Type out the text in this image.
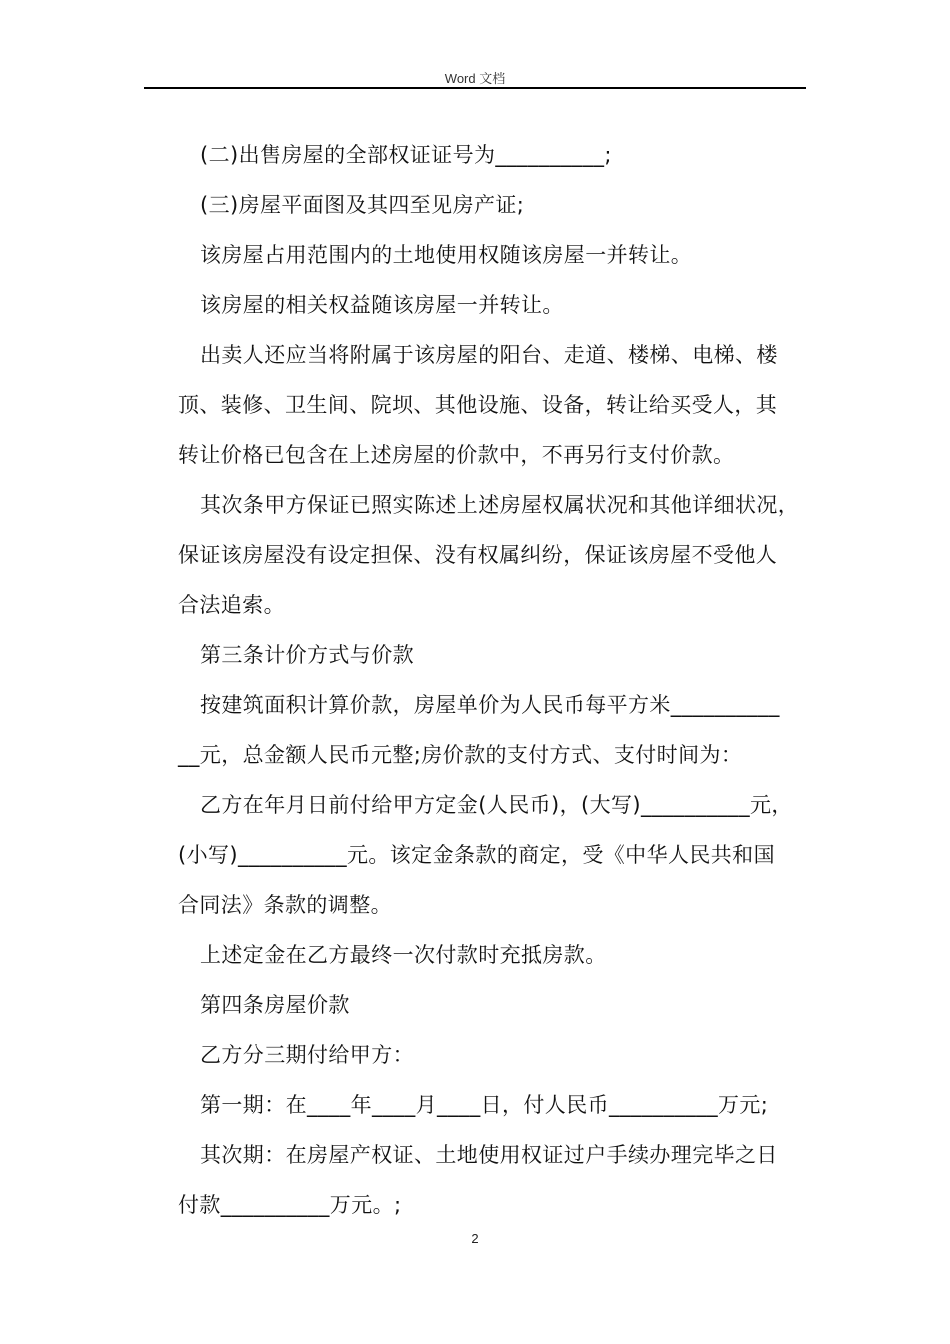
Word 文档

(二)出售房屋的全部权证证号为__________;

(三)房屋平面图及其四至见房产证;

该房屋占用范围内的土地使用权随该房屋一并转让。

该房屋的相关权益随该房屋一并转让。

出卖人还应当将附属于该房屋的阳台、走道、楼梯、电梯、楼

顶、装修、卫生间、院坝、其他设施、设备，转让给买受人，其

转让价格已包含在上述房屋的价款中，不再另行支付价款。

其次条甲方保证已照实陈述上述房屋权属状况和其他详细状况，

保证该房屋没有设定担保、没有权属纠纷，保证该房屋不受他人

合法追索。

第三条计价方式与价款

按建筑面积计算价款，房屋单价为人民币每平方米__________

__元，总金额人民币元整;房价款的支付方式、支付时间为：

乙方在年月日前付给甲方定金(人民币)，(大写)__________元，

(小写)__________元。该定金条款的商定，受《中华人民共和国

合同法》条款的调整。

上述定金在乙方最终一次付款时充抵房款。

第四条房屋价款

乙方分三期付给甲方：

第一期：在____年____月____日，付人民币__________万元;

其次期：在房屋产权证、土地使用权证过户手续办理完毕之日

付款__________万元。;

2
